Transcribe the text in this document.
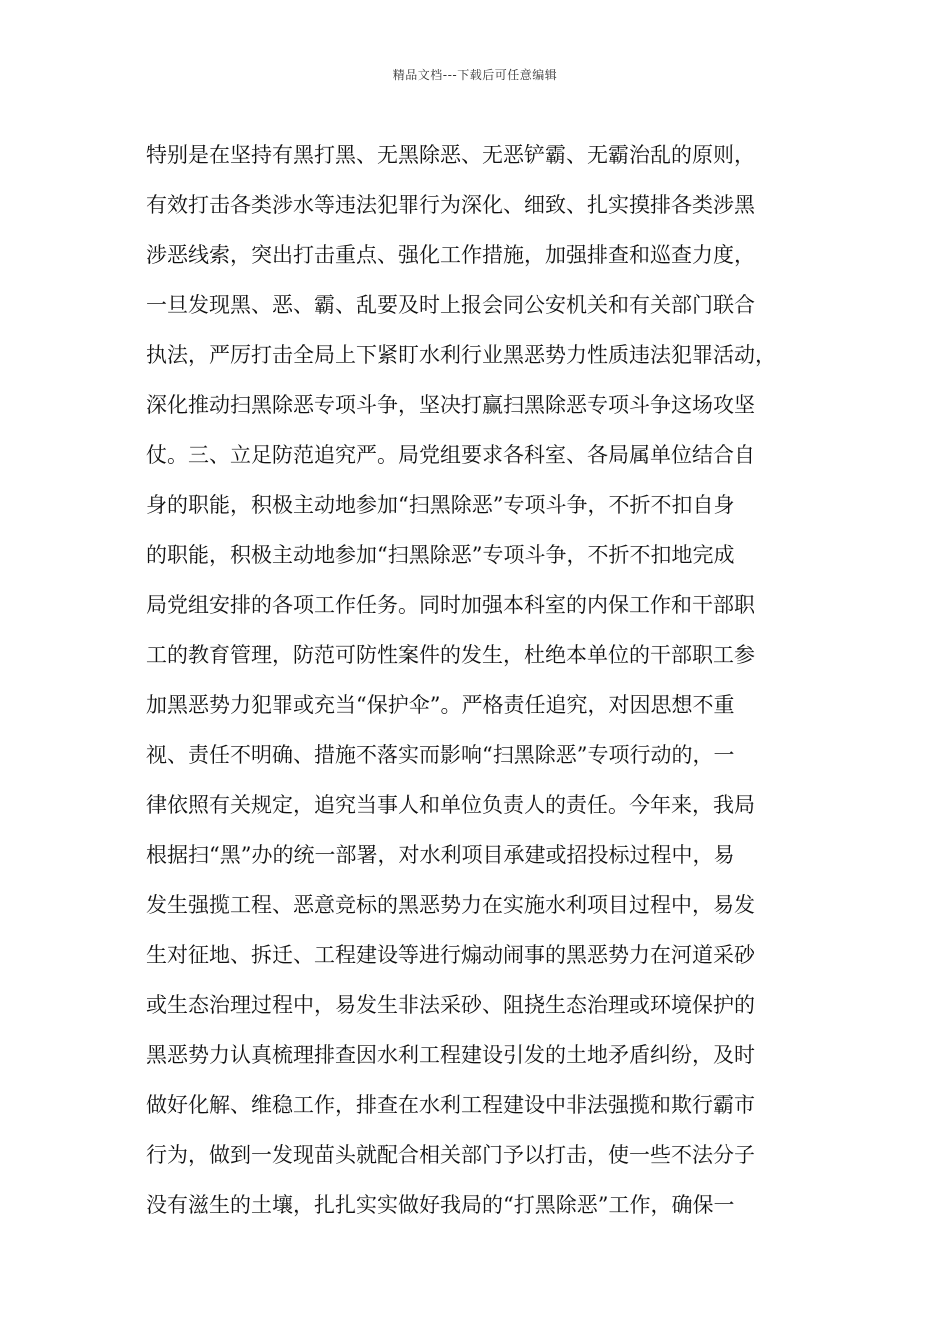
精品文档---下载后可任意编辑
特别是在坚持有黑打黑、无黑除恶、无恶铲霸、无霸治乱的原则，
有效打击各类涉水等违法犯罪行为深化、细致、扎实摸排各类涉黑
涉恶线索，突出打击重点、强化工作措施，加强排查和巡查力度，
一旦发现黑、恶、霸、乱要及时上报会同公安机关和有关部门联合
执法，严厉打击全局上下紧盯水利行业黑恶势力性质违法犯罪活动，
深化推动扫黑除恶专项斗争，坚决打赢扫黑除恶专项斗争这场攻坚
仗。三、立足防范追究严。局党组要求各科室、各局属单位结合自
身的职能，积极主动地参加“扫黑除恶”专项斗争，不折不扣自身
的职能，积极主动地参加“扫黑除恶”专项斗争，不折不扣地完成
局党组安排的各项工作任务。同时加强本科室的内保工作和干部职
工的教育管理，防范可防性案件的发生，杜绝本单位的干部职工参
加黑恶势力犯罪或充当“保护伞”。严格责任追究，对因思想不重
视、责任不明确、措施不落实而影响“扫黑除恶”专项行动的，一
律依照有关规定，追究当事人和单位负责人的责任。今年来，我局
根据扫“黑”办的统一部署，对水利项目承建或招投标过程中，易
发生强揽工程、恶意竞标的黑恶势力在实施水利项目过程中，易发
生对征地、拆迁、工程建设等进行煽动闹事的黑恶势力在河道采砂
或生态治理过程中，易发生非法采砂、阻挠生态治理或环境保护的
黑恶势力认真梳理排查因水利工程建设引发的土地矛盾纠纷，及时
做好化解、维稳工作，排查在水利工程建设中非法强揽和欺行霸市
行为，做到一发现苗头就配合相关部门予以打击，使一些不法分子
没有滋生的土壤，扎扎实实做好我局的“打黑除恶”工作，确保一
